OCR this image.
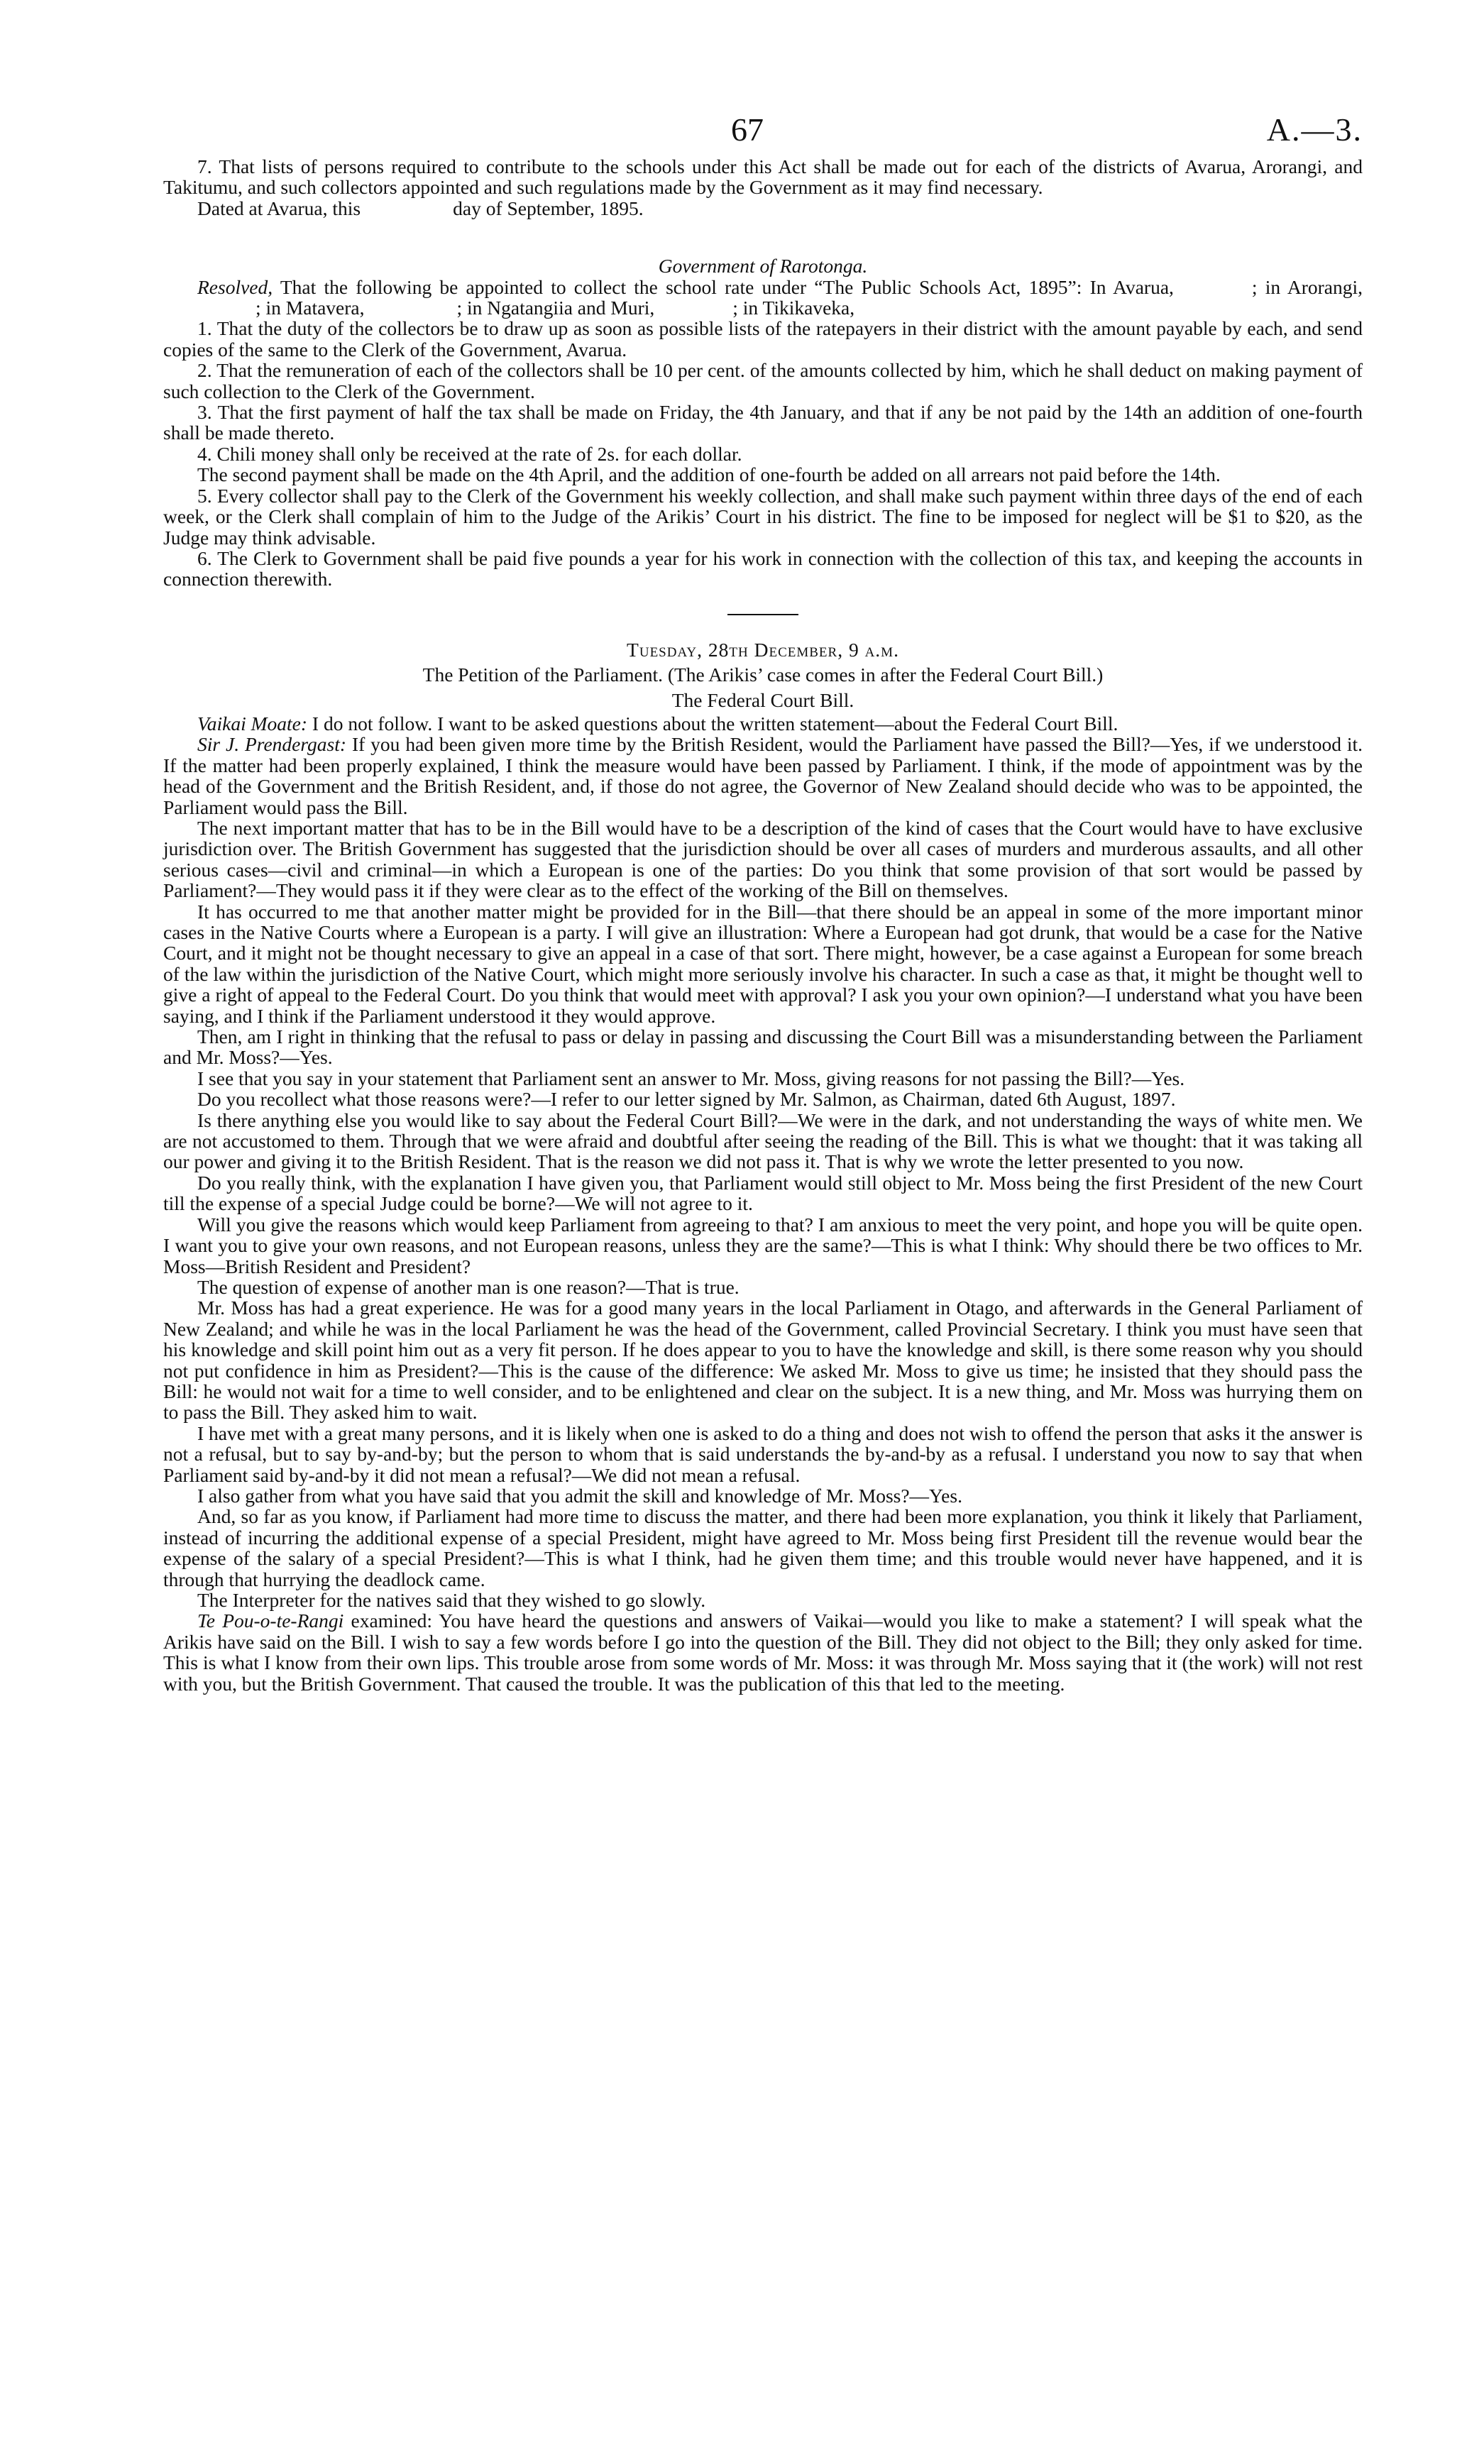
67	A.—3.

7. That lists of persons required to contribute to the schools under this Act shall be made out for each of the districts of Avarua, Arorangi, and Takitumu, and such collectors appointed and such regulations made by the Government as it may find necessary.

Dated at Avarua, this	day of September, 1895.

Government of Rarotonga.

Resolved, That the following be appointed to collect the school rate under “The Public Schools Act, 1895”: In Avarua,	; in Arorangi,; in Matavera,	; in Ngatangiia and Muri,	; in Tikikaveka,

1. That the duty of the collectors be to draw up as soon as possible lists of the ratepayers in their district with the amount payable by each, and send copies of the same to the Clerk of the Government, Avarua.

2. That the remuneration of each of the collectors shall be 10 per cent. of the amounts collected by him, which he shall deduct on making payment of such collection to the Clerk of the Government.

3. That the first payment of half the tax shall be made on Friday, the 4th January, and that if any be not paid by the 14th an addition of one-fourth shall be made thereto.

4. Chili money shall only be received at the rate of 2s. for each dollar.

The second payment shall be made on the 4th April, and the addition of one-fourth be added on all arrears not paid before the 14th.

5. Every collector shall pay to the Clerk of the Government his weekly collection, and shall make such payment within three days of the end of each week, or the Clerk shall complain of him to the Judge of the Arikis’ Court in his district. The fine to be imposed for neglect will be $1 to $20, as the Judge may think advisable.

6. The Clerk to Government shall be paid five pounds a year for his work in connection with the collection of this tax, and keeping the accounts in connection therewith.

Tuesday, 28th December, 9 a.m.

The Petition of the Parliament. (The Arikis’ case comes in after the Federal Court Bill.)

The Federal Court Bill.

Vaikai Moate: I do not follow. I want to be asked questions about the written statement—about the Federal Court Bill.

Sir J. Prendergast: If you had been given more time by the British Resident, would the Parliament have passed the Bill?—Yes, if we understood it. If the matter had been properly explained, I think the measure would have been passed by Parliament. I think, if the mode of appointment was by the head of the Government and the British Resident, and, if those do not agree, the Governor of New Zealand should decide who was to be appointed, the Parliament would pass the Bill.

The next important matter that has to be in the Bill would have to be a description of the kind of cases that the Court would have to have exclusive jurisdiction over. The British Government has suggested that the jurisdiction should be over all cases of murders and murderous assaults, and all other serious cases—civil and criminal—in which a European is one of the parties: Do you think that some provision of that sort would be passed by Parliament?—They would pass it if they were clear as to the effect of the working of the Bill on themselves.

It has occurred to me that another matter might be provided for in the Bill—that there should be an appeal in some of the more important minor cases in the Native Courts where a European is a party. I will give an illustration: Where a European had got drunk, that would be a case for the Native Court, and it might not be thought necessary to give an appeal in a case of that sort. There might, however, be a case against a European for some breach of the law within the jurisdiction of the Native Court, which might more seriously involve his character. In such a case as that, it might be thought well to give a right of appeal to the Federal Court. Do you think that would meet with approval? I ask you your own opinion?—I understand what you have been saying, and I think if the Parliament understood it they would approve.

Then, am I right in thinking that the refusal to pass or delay in passing and discussing the Court Bill was a misunderstanding between the Parliament and Mr. Moss?—Yes.

I see that you say in your statement that Parliament sent an answer to Mr. Moss, giving reasons for not passing the Bill?—Yes.

Do you recollect what those reasons were?—I refer to our letter signed by Mr. Salmon, as Chairman, dated 6th August, 1897.

Is there anything else you would like to say about the Federal Court Bill?—We were in the dark, and not understanding the ways of white men. We are not accustomed to them. Through that we were afraid and doubtful after seeing the reading of the Bill. This is what we thought: that it was taking all our power and giving it to the British Resident. That is the reason we did not pass it. That is why we wrote the letter presented to you now.

Do you really think, with the explanation I have given you, that Parliament would still object to Mr. Moss being the first President of the new Court till the expense of a special Judge could be borne?—We will not agree to it.

Will you give the reasons which would keep Parliament from agreeing to that? I am anxious to meet the very point, and hope you will be quite open. I want you to give your own reasons, and not European reasons, unless they are the same?—This is what I think: Why should there be two offices to Mr. Moss—British Resident and President?

The question of expense of another man is one reason?—That is true.

Mr. Moss has had a great experience. He was for a good many years in the local Parliament in Otago, and afterwards in the General Parliament of New Zealand; and while he was in the local Parliament he was the head of the Government, called Provincial Secretary. I think you must have seen that his knowledge and skill point him out as a very fit person. If he does appear to you to have the knowledge and skill, is there some reason why you should not put confidence in him as President?—This is the cause of the difference: We asked Mr. Moss to give us time; he insisted that they should pass the Bill: he would not wait for a time to well consider, and to be enlightened and clear on the subject. It is a new thing, and Mr. Moss was hurrying them on to pass the Bill. They asked him to wait.

I have met with a great many persons, and it is likely when one is asked to do a thing and does not wish to offend the person that asks it the answer is not a refusal, but to say by-and-by; but the person to whom that is said understands the by-and-by as a refusal. I understand you now to say that when Parliament said by-and-by it did not mean a refusal?—We did not mean a refusal.

I also gather from what you have said that you admit the skill and knowledge of Mr. Moss?—Yes.

And, so far as you know, if Parliament had more time to discuss the matter, and there had been more explanation, you think it likely that Parliament, instead of incurring the additional expense of a special President, might have agreed to Mr. Moss being first President till the revenue would bear the expense of the salary of a special President?—This is what I think, had he given them time; and this trouble would never have happened, and it is through that hurrying the deadlock came.

The Interpreter for the natives said that they wished to go slowly.

Te Pou-o-te-Rangi examined: You have heard the questions and answers of Vaikai—would you like to make a statement? I will speak what the Arikis have said on the Bill. I wish to say a few words before I go into the question of the Bill. They did not object to the Bill; they only asked for time. This is what I know from their own lips. This trouble arose from some words of Mr. Moss: it was through Mr. Moss saying that it (the work) will not rest with you, but the British Government. That caused the trouble. It was the publication of this that led to the meeting.
